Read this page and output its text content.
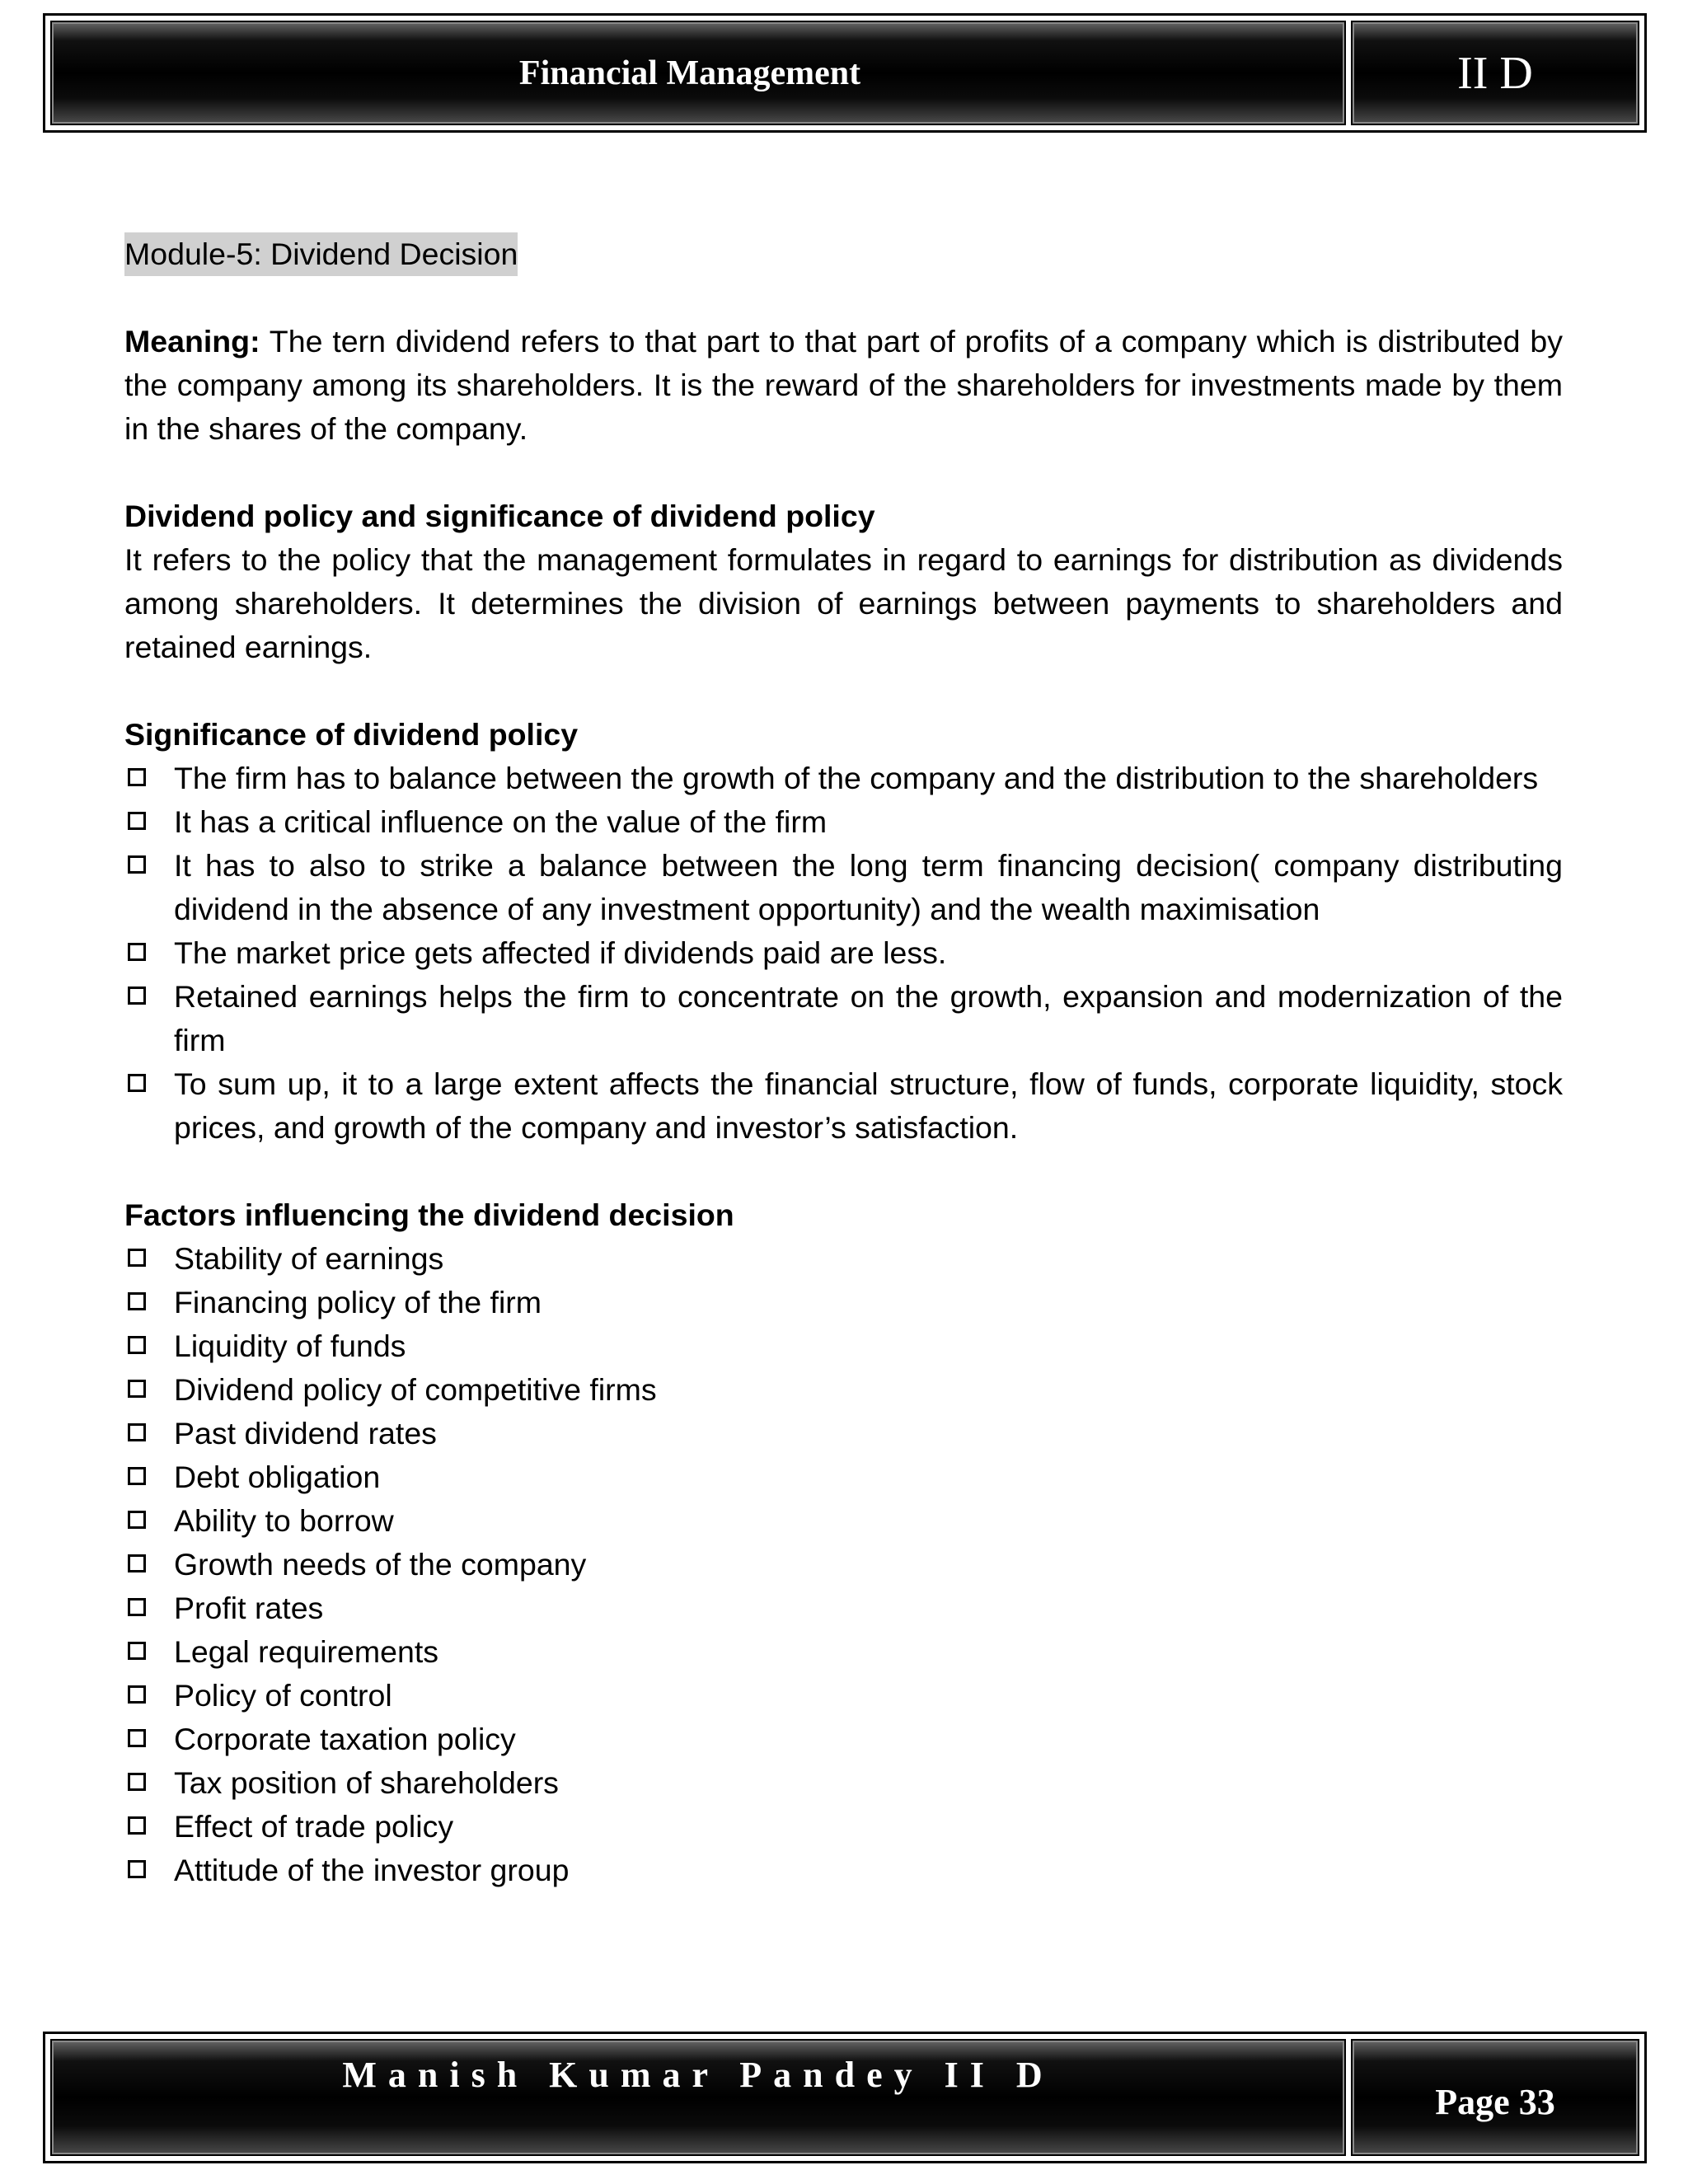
Financial Management	II D

Module-5: Dividend Decision

Meaning: The tern dividend refers to that part to that part of profits of a company which is distributed by the company among its shareholders. It is the reward of the shareholders for investments made by them in the shares of the company.

Dividend policy and significance of dividend policy

It refers to the policy that the management formulates in regard to earnings for distribution as dividends among shareholders. It determines the division of earnings between payments to shareholders and retained earnings.

Significance of dividend policy

The firm has to balance between the growth of the company and the distribution to the shareholders
It has a critical influence on the value of the firm
It has to also to strike a balance between the long term financing decision( company distributing dividend in the absence of any investment opportunity) and the wealth maximisation
The market price gets affected if dividends paid are less.
Retained earnings helps the firm to concentrate on the growth, expansion and modernization of the firm
To sum up, it to a large extent affects the financial structure, flow of funds, corporate liquidity, stock prices, and growth of the company and investor’s satisfaction.

Factors influencing the dividend decision

Stability of earnings
Financing policy of the firm
Liquidity of funds
Dividend policy of competitive firms
Past dividend rates
Debt obligation
Ability to borrow
Growth needs of the company
Profit rates
Legal requirements
Policy of control
Corporate taxation policy
Tax position of shareholders
Effect of trade policy
Attitude of the investor group
Manish Kumar Pandey II D
Page 33
